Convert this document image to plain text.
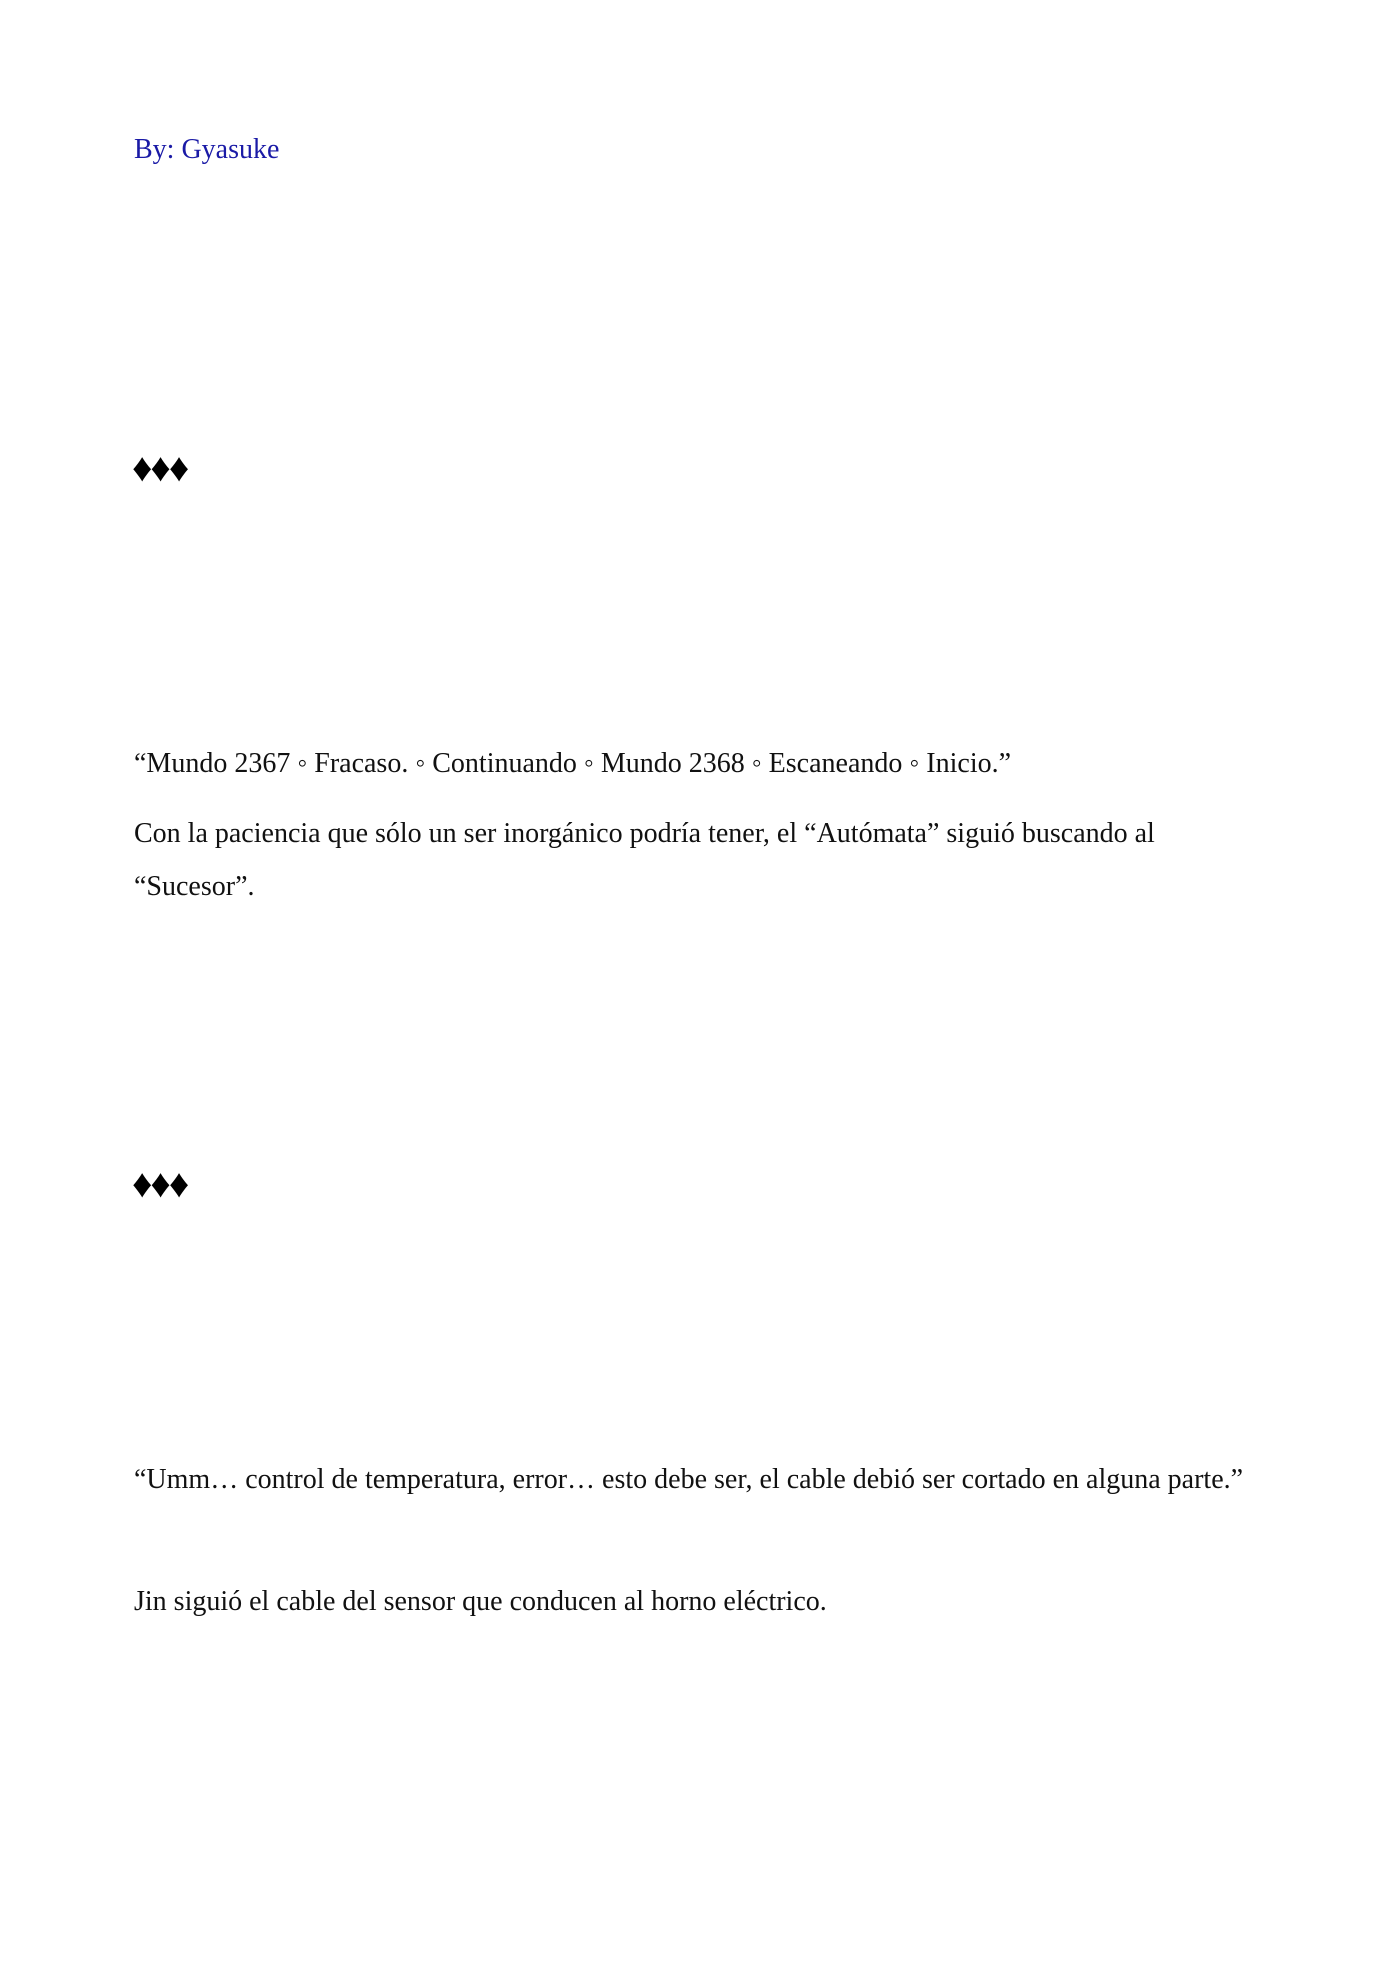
By: Gyasuke
♦♦♦

“Mundo 2367 ◦ Fracaso. ◦ Continuando ◦ Mundo 2368 ◦ Escaneando ◦ Inicio.”

Con la paciencia que sólo un ser inorgánico podría tener, el “Autómata” siguió buscando al “Sucesor”.

♦♦♦

“Umm… control de temperatura, error… esto debe ser, el cable debió ser cortado en alguna parte.”

Jin siguió el cable del sensor que conducen al horno eléctrico.
